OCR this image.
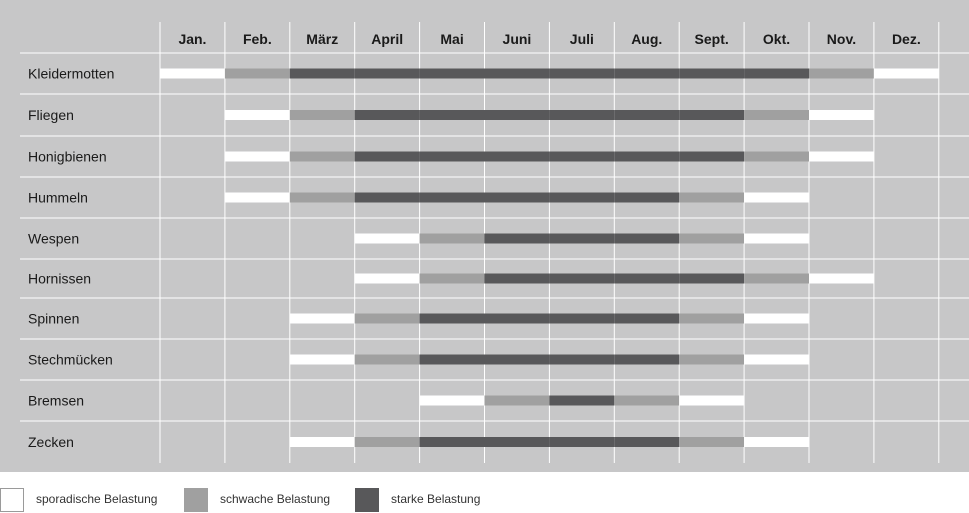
Jan.	Feb. März April	Mai	Juni	Juli	Aug. Sept. Okt.	Nov.	Dez.
Kleidermotten
Fliegen
Honigbienen
Hummeln
Wespen
Hornissen
Spinnen
Stechmücken
Bremsen
Zecken
sporadische Belastung	schwache Belastung	starke Belastung
